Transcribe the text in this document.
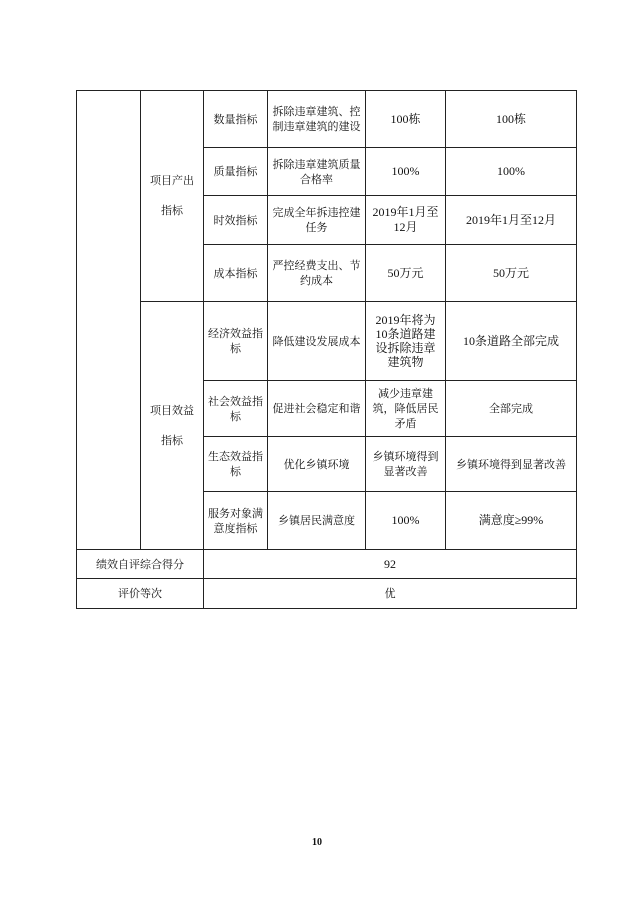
	项目产出指标	数量指标	拆除违章建筑、控制违章建筑的建设	100栋	100栋
		质量指标	拆除违章建筑质量合格率	100%	100%
		时效指标	完成全年拆违控建任务	2019年1月至12月	2019年1月至12月
		成本指标	严控经费支出、节约成本	50万元	50万元
	项目效益指标	经济效益指标	降低建设发展成本	2019年将为10条道路建设拆除违章建筑物	10条道路全部完成
		社会效益指标	促进社会稳定和谐	减少违章建筑，降低居民矛盾	全部完成
		生态效益指标	优化乡镇环境	乡镇环境得到显著改善	乡镇环境得到显著改善
		服务对象满意度指标	乡镇居民满意度	100%	满意度≥99%
绩效自评综合得分		92			
评价等次		优			
10
